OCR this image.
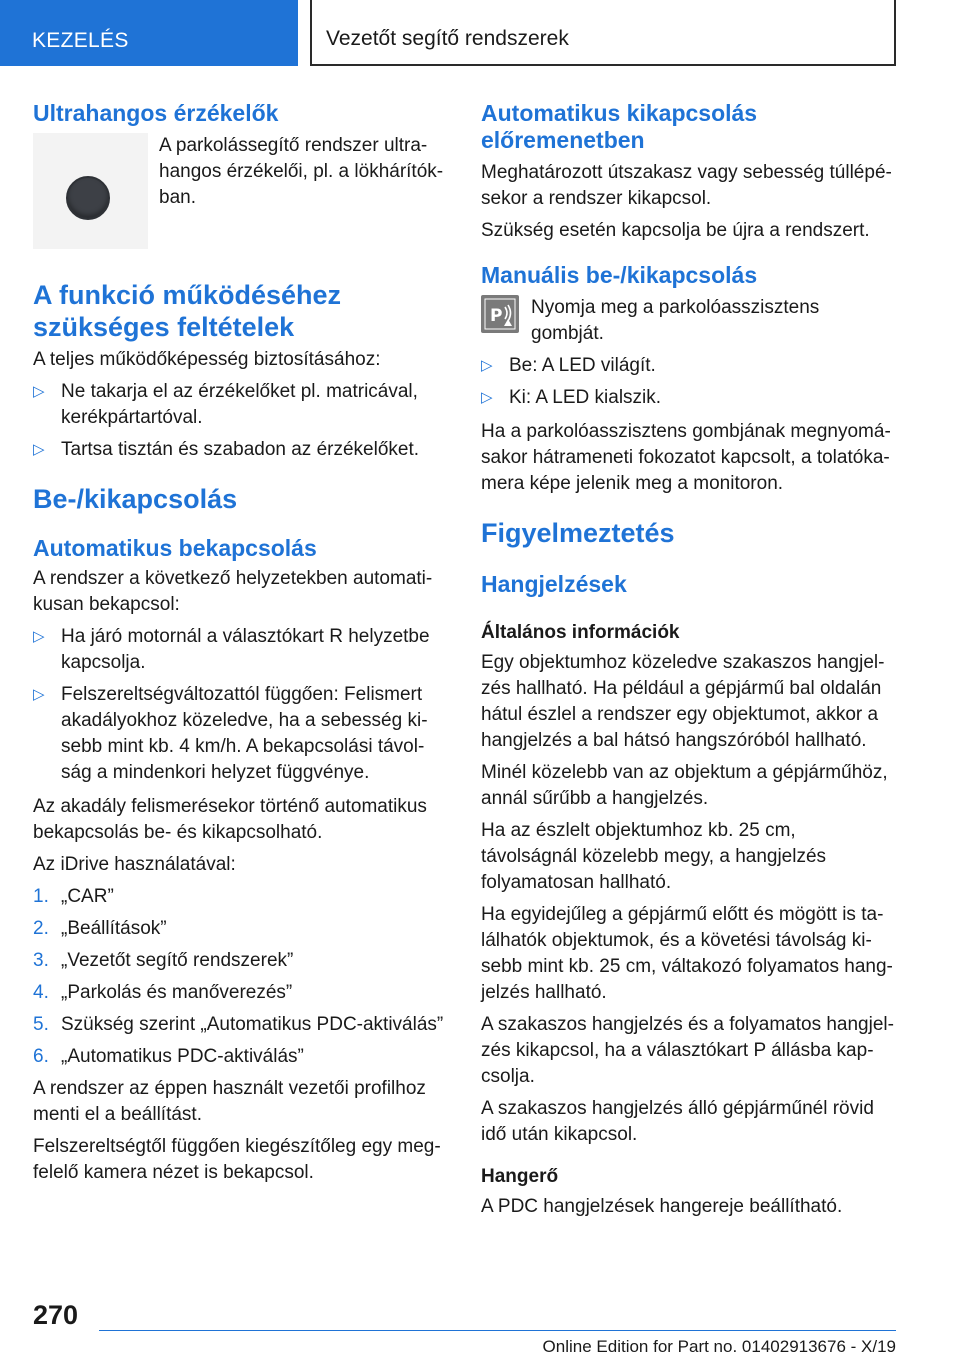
KEZELÉS	Vezetőt segítő rendszerek
Ultrahangos érzékelők

A parkolássegítő rendszer ultrahangos érzékelői, pl. a lökhárítókban.

A funkció működéséhez szükséges feltételek

A teljes működőképesség biztosításához:

▷ Ne takarja el az érzékelőket pl. matricával, kerékpártartóval.
▷ Tartsa tisztán és szabadon az érzékelőket.
Be-/kikapcsolás
Automatikus bekapcsolás

A rendszer a következő helyzetekben automatikusan bekapcsol:

▷ Ha járó motornál a választókart R helyzetbe kapcsolja.
▷ Felszereltségváltozattól függően: Felismert akadályokhoz közeledve, ha a sebesség kisebb mint kb. 4 km/h. A bekapcsolási távolság a mindenkori helyzet függvénye.

Az akadály felismerésekor történő automatikus bekapcsolás be- és kikapcsolható.

Az iDrive használatával:

1. „CAR”
2. „Beállítások”
3. „Vezetőt segítő rendszerek”
4. „Parkolás és manőverezés”
5. Szükség szerint „Automatikus PDC-aktiválás”
6. „Automatikus PDC-aktiválás”

A rendszer az éppen használt vezetői profilhoz menti el a beállítást.

Felszereltségtől függően kiegészítőleg egy megfelelő kamera nézet is bekapcsol.

Automatikus kikapcsolás előremenetben

Meghatározott útszakasz vagy sebesség túllépésekor a rendszer kikapcsol.

Szükség esetén kapcsolja be újra a rendszert.

Manuális be-/kikapcsolás
P Nyomja meg a parkolóasszisztens gombját.

▷ Be: A LED világít.
▷ Ki: A LED kialszik.

Ha a parkolóasszisztens gombjának megnyomásakor hátrameneti fokozatot kapcsolt, a tolatókamera képe jelenik meg a monitoron.

Figyelmeztetés
Hangjelzések
Általános információk

Egy objektumhoz közeledve szakaszos hangjelzés hallható. Ha például a gépjármű bal oldalán hátul észlel a rendszer egy objektumot, akkor a hangjelzés a bal hátsó hangszóróból hallható.

Minél közelebb van az objektum a gépjárműhöz, annál sűrűbb a hangjelzés.

Ha az észlelt objektumhoz kb. 25 cm, távolságnál közelebb megy, a hangjelzés folyamatosan hallható.

Ha egyidejűleg a gépjármű előtt és mögött is találhatók objektumok, és a követési távolság kisebb mint kb. 25 cm, váltakozó folyamatos hangjelzés hallható.

A szakaszos hangjelzés és a folyamatos hangjelzés kikapcsol, ha a választókart P állásba kapcsolja.

A szakaszos hangjelzés álló gépjárműnél rövid idő után kikapcsol.

Hangerő

A PDC hangjelzések hangereje beállítható.

270
Online Edition for Part no. 01402913676 - X/19
